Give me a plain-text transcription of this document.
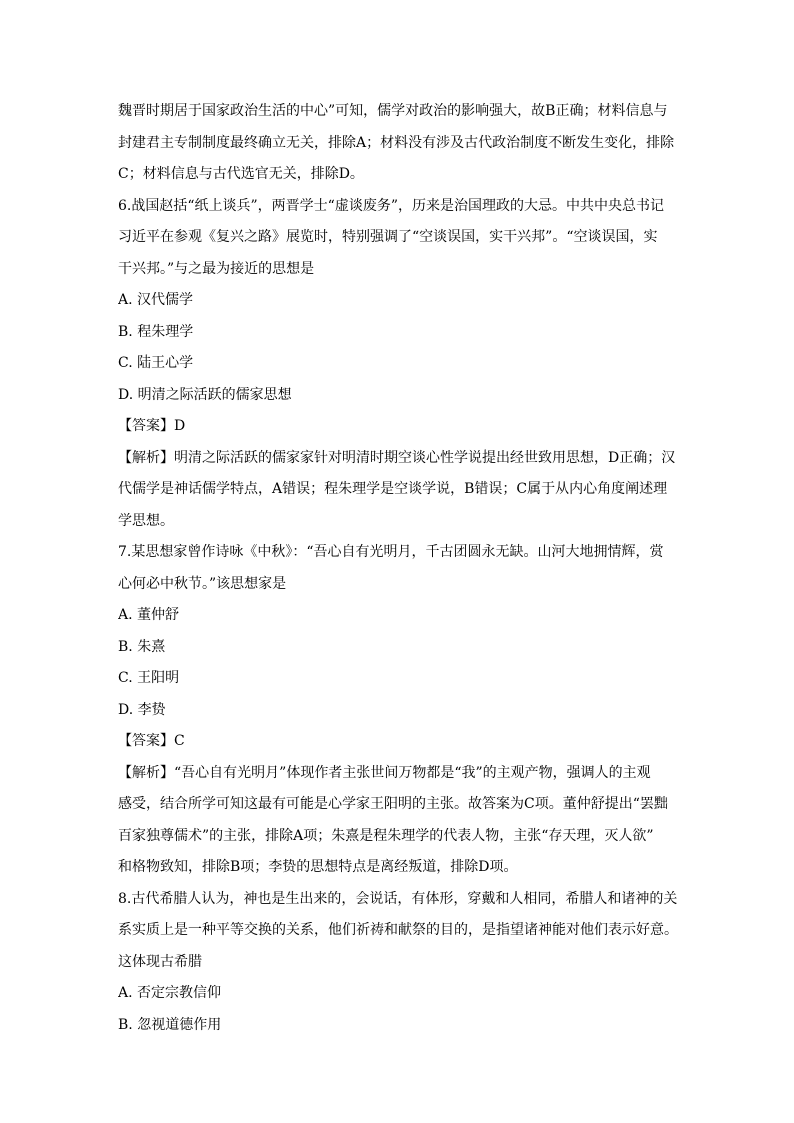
魏晋时期居于国家政治生活的中心”可知，儒学对政治的影响强大，故B正确；材料信息与
封建君主专制制度最终确立无关，排除A；材料没有涉及古代政治制度不断发生变化，排除
C；材料信息与古代选官无关，排除D。
6.战国赵括“纸上谈兵”，两晋学士“虚谈废务”，历来是治国理政的大忌。中共中央总书记
习近平在参观《复兴之路》展览时，特别强调了“空谈误国，实干兴邦”。“空谈误国，实
干兴邦。”与之最为接近的思想是
A. 汉代儒学
B. 程朱理学
C. 陆王心学
D. 明清之际活跃的儒家思想
【答案】D
【解析】明清之际活跃的儒家家针对明清时期空谈心性学说提出经世致用思想，D正确；汉
代儒学是神话儒学特点，A错误；程朱理学是空谈学说，B错误；C属于从内心角度阐述理
学思想。
7.某思想家曾作诗咏《中秋》：“吾心自有光明月，千古团圆永无缺。山河大地拥情辉，赏
心何必中秋节。”该思想家是
A. 董仲舒
B. 朱熹
C. 王阳明
D. 李贽
【答案】C
【解析】“吾心自有光明月”体现作者主张世间万物都是“我”的主观产物，强调人的主观
感受，结合所学可知这最有可能是心学家王阳明的主张。故答案为C项。董仲舒提出“罢黜
百家独尊儒术”的主张，排除A项；朱熹是程朱理学的代表人物，主张“存天理，灭人欲”
和格物致知，排除B项；李贽的思想特点是离经叛道，排除D项。
8.古代希腊人认为，神也是生出来的，会说话，有体形，穿戴和人相同，希腊人和诸神的关
系实质上是一种平等交换的关系，他们祈祷和献祭的目的，是指望诸神能对他们表示好意。
这体现古希腊
A. 否定宗教信仰
B. 忽视道德作用
